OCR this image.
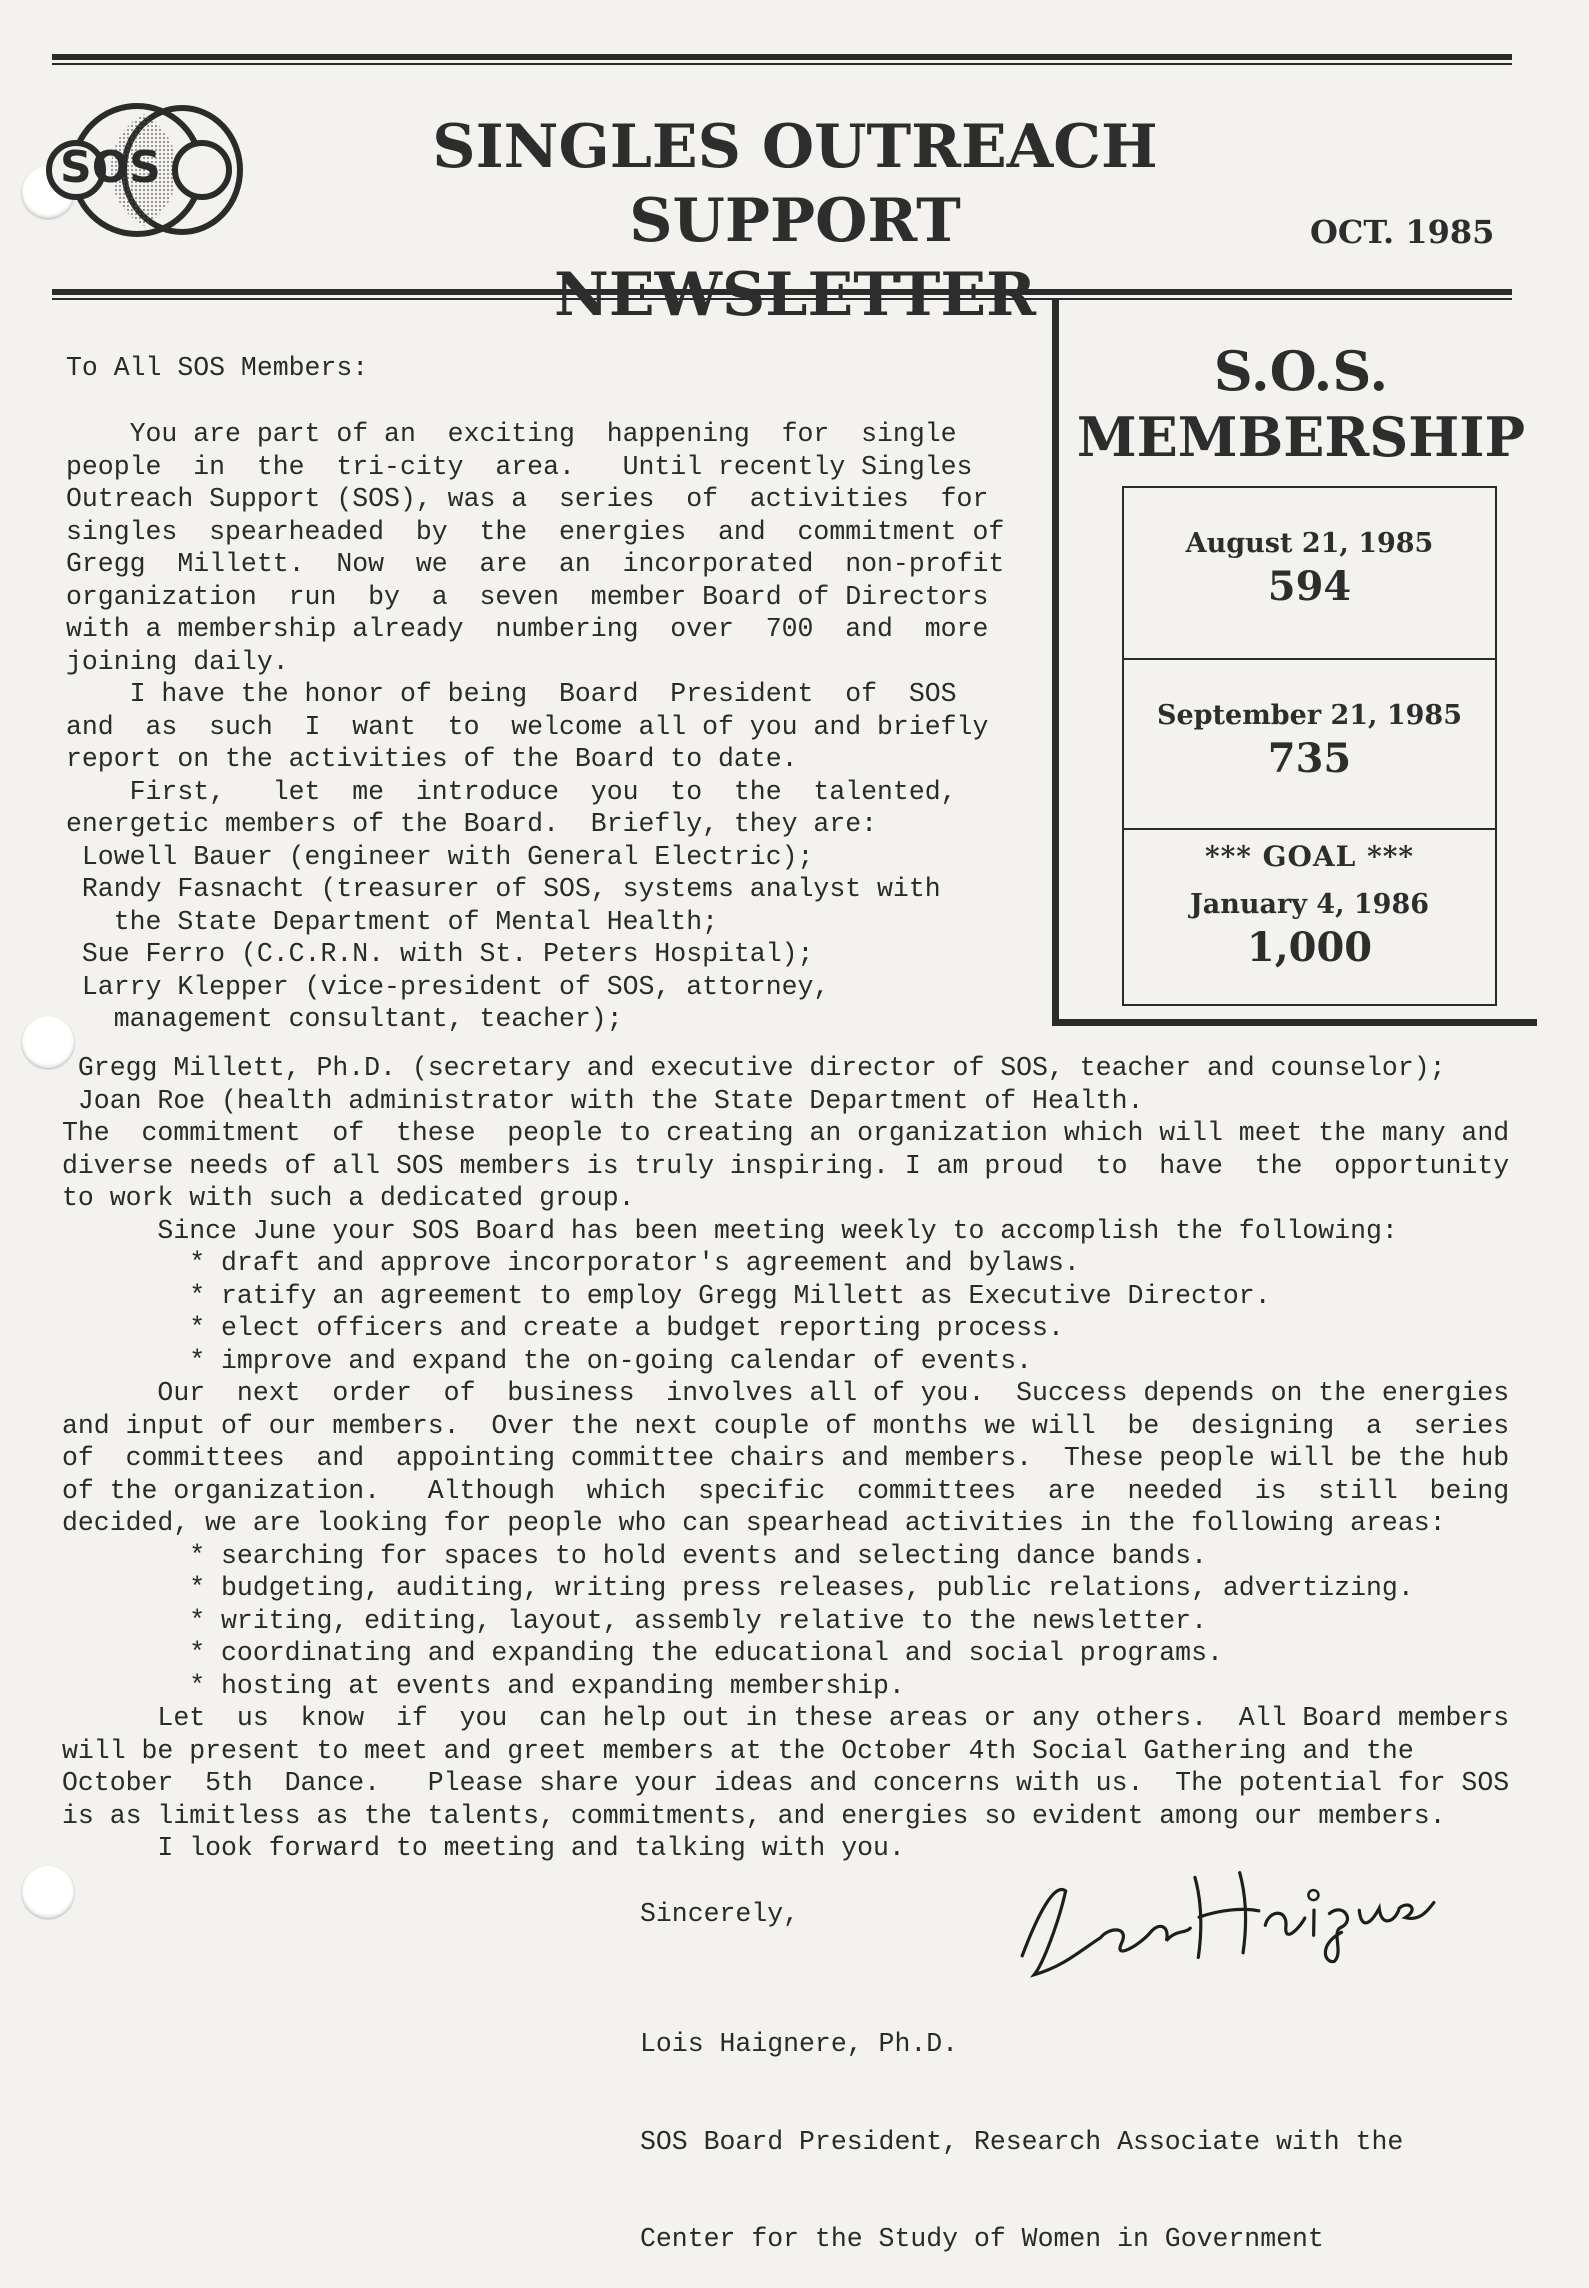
SOS	SINGLES OUTREACH SUPPORT
NEWSLETTER
OCT. 1985
S.O.S.
MEMBERSHIP
August 21, 1985
594
September 21, 1985
735
*** GOAL ***
January 4, 1986
1,000
To All SOS Members:
You are part of an  exciting  happening  for  single
people  in  the  tri-city  area.   Until recently Singles
Outreach Support (SOS), was a  series  of  activities  for
singles  spearheaded  by  the  energies  and  commitment of
Gregg  Millett.  Now  we  are  an  incorporated  non-profit
organization  run  by  a  seven  member Board of Directors
with a membership already  numbering  over  700  and  more
joining daily.
I have the honor of being  Board  President  of  SOS
and  as  such  I  want  to  welcome all of you and briefly
report on the activities of the Board to date.
First,   let  me  introduce  you  to  the  talented,
energetic members of the Board.  Briefly, they are:
Lowell Bauer (engineer with General Electric);
Randy Fasnacht (treasurer of SOS, systems analyst with
the State Department of Mental Health;
Sue Ferro (C.C.R.N. with St. Peters Hospital);
Larry Klepper (vice-president of SOS, attorney,
management consultant, teacher);
Gregg Millett, Ph.D. (secretary and executive director of SOS, teacher and counselor);
Joan Roe (health administrator with the State Department of Health.
The  commitment  of  these  people to creating an organization which will meet the many and
diverse needs of all SOS members is truly inspiring. I am proud  to  have  the  opportunity
to work with such a dedicated group.
Since June your SOS Board has been meeting weekly to accomplish the following:
* draft and approve incorporator's agreement and bylaws.
* ratify an agreement to employ Gregg Millett as Executive Director.
* elect officers and create a budget reporting process.
* improve and expand the on-going calendar of events.
Our  next  order  of  business  involves all of you.  Success depends on the energies
and input of our members.  Over the next couple of months we will  be  designing  a  series
of  committees  and  appointing committee chairs and members.  These people will be the hub
of the organization.   Although  which  specific  committees  are  needed  is  still  being
decided, we are looking for people who can spearhead activities in the following areas:
* searching for spaces to hold events and selecting dance bands.
* budgeting, auditing, writing press releases, public relations, advertizing.
* writing, editing, layout, assembly relative to the newsletter.
* coordinating and expanding the educational and social programs.
* hosting at events and expanding membership.
Let  us  know  if  you  can help out in these areas or any others.  All Board members
will be present to meet and greet members at the October 4th Social Gathering and the
October  5th  Dance.   Please share your ideas and concerns with us.  The potential for SOS
is as limitless as the talents, commitments, and energies so evident among our members.
I look forward to meeting and talking with you.
Sincerely,

Lois Haignere, Ph.D.

SOS Board President, Research Associate with the

Center for the Study of Women in Government
